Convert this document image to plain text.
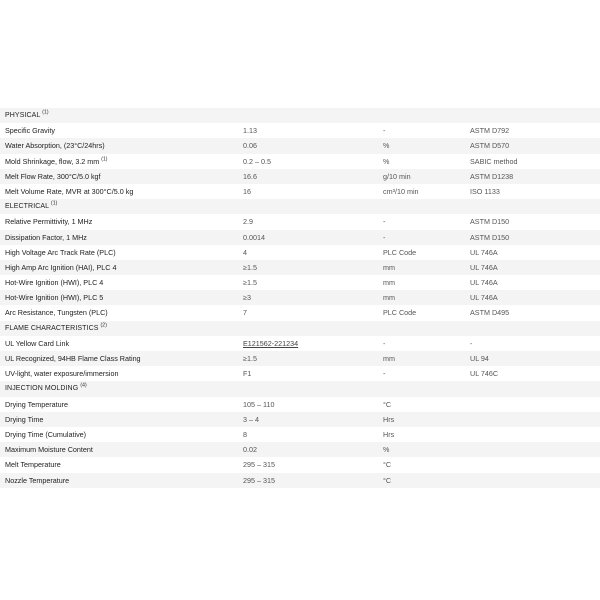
PHYSICAL $^{(1)}$
Specific Gravity	1.13	-	ASTM D792
Water Absorption, (23°C/24hrs)	0.06	%	ASTM D570
Mold Shrinkage, flow, 3.2 mm $^{(1)}$	0.2 – 0.5	%	SABIC method
Melt Flow Rate, 300°C/5.0 kgf	16.6	g/10 min	ASTM D1238
Melt Volume Rate, MVR at 300°C/5.0 kg	16	cm³/10 min	ISO 1133
ELECTRICAL $^{(1)}$
Relative Permittivity, 1 MHz	2.9	-	ASTM D150
Dissipation Factor, 1 MHz	0.0014	-	ASTM D150
High Voltage Arc Track Rate (PLC)	4	PLC Code	UL 746A
High Amp Arc Ignition (HAI), PLC 4	≥1.5	mm	UL 746A
Hot-Wire Ignition (HWI), PLC 4	≥1.5	mm	UL 746A
Hot-Wire Ignition (HWI), PLC 5	≥3	mm	UL 746A
Arc Resistance, Tungsten (PLC)	7	PLC Code	ASTM D495
FLAME CHARACTERISTICS $^{(2)}$
UL Yellow Card Link	E121562-221234	-	-
UL Recognized, 94HB Flame Class Rating	≥1.5	mm	UL 94
UV-light, water exposure/immersion	F1	-	UL 746C
INJECTION MOLDING $^{(4)}$
Drying Temperature	105 – 110	°C
Drying Time	3 – 4	Hrs
Drying Time (Cumulative)	8	Hrs
Maximum Moisture Content	0.02	%
Melt Temperature	295 – 315	°C
Nozzle Temperature	295 – 315	°C
